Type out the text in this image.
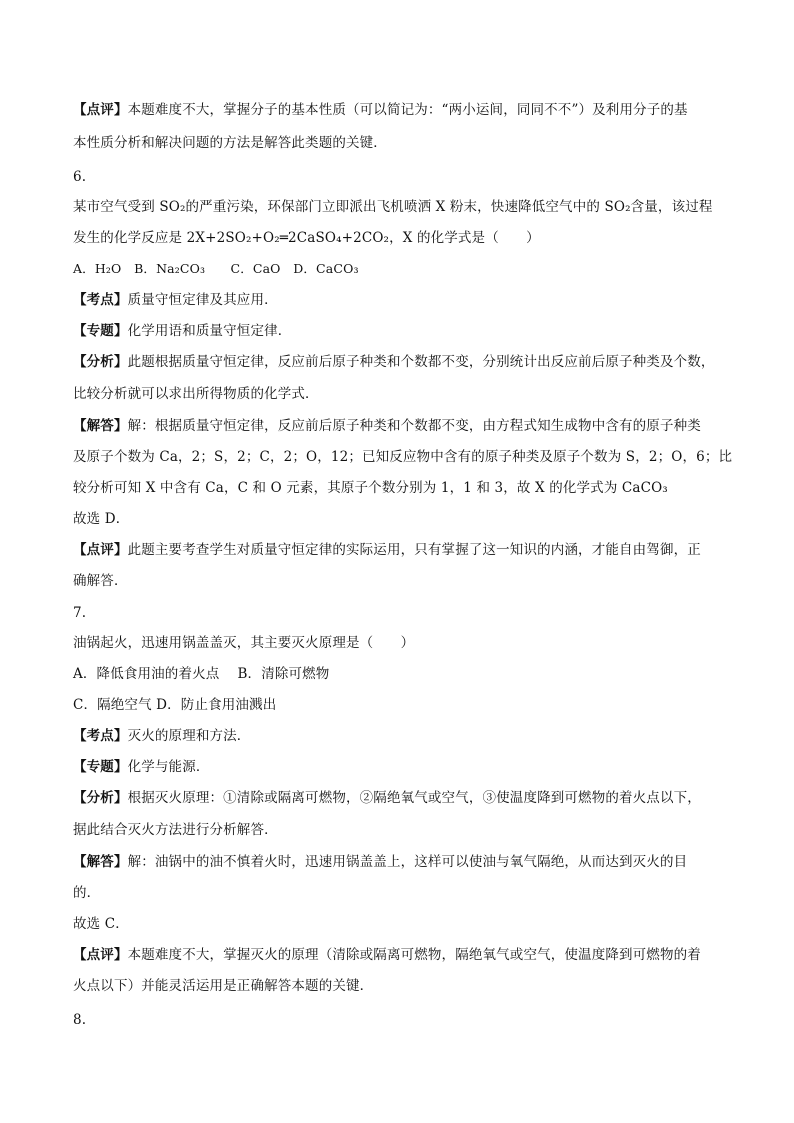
【点评】本题难度不大，掌握分子的基本性质（可以简记为：“两小运间，同同不不”）及利用分子的基
本性质分析和解决问题的方法是解答此类题的关键．
6.
某市空气受到 SO₂的严重污染，环保部门立即派出飞机喷洒 X 粉末，快速降低空气中的 SO₂含量，该过程
发生的化学反应是 2X+2SO₂+O₂═2CaSO₄+2CO₂，X 的化学式是（　　）
A．H₂O　B．Na₂CO₃　　C．CaO　D．CaCO₃
【考点】质量守恒定律及其应用．
【专题】化学用语和质量守恒定律．
【分析】此题根据质量守恒定律，反应前后原子种类和个数都不变，分别统计出反应前后原子种类及个数，
比较分析就可以求出所得物质的化学式．
【解答】解：根据质量守恒定律，反应前后原子种类和个数都不变，由方程式知生成物中含有的原子种类
及原子个数为 Ca，2；S，2；C，2；O，12；已知反应物中含有的原子种类及原子个数为 S，2；O，6；比
较分析可知 X 中含有 Ca，C 和 O 元素，其原子个数分别为 1，1 和 3，故 X 的化学式为 CaCO₃
故选 D．
【点评】此题主要考查学生对质量守恒定律的实际运用，只有掌握了这一知识的内涵，才能自由驾御，正
确解答．
7.
油锅起火，迅速用锅盖盖灭，其主要灭火原理是（　　）
A．降低食用油的着火点　 B．清除可燃物
C．隔绝空气 D．防止食用油溅出
【考点】灭火的原理和方法．
【专题】化学与能源．
【分析】根据灭火原理：①清除或隔离可燃物，②隔绝氧气或空气，③使温度降到可燃物的着火点以下，
据此结合灭火方法进行分析解答．
【解答】解：油锅中的油不慎着火时，迅速用锅盖盖上，这样可以使油与氧气隔绝，从而达到灭火的目
的．
故选 C．
【点评】本题难度不大，掌握灭火的原理（清除或隔离可燃物，隔绝氧气或空气，使温度降到可燃物的着
火点以下）并能灵活运用是正确解答本题的关键．
8.
